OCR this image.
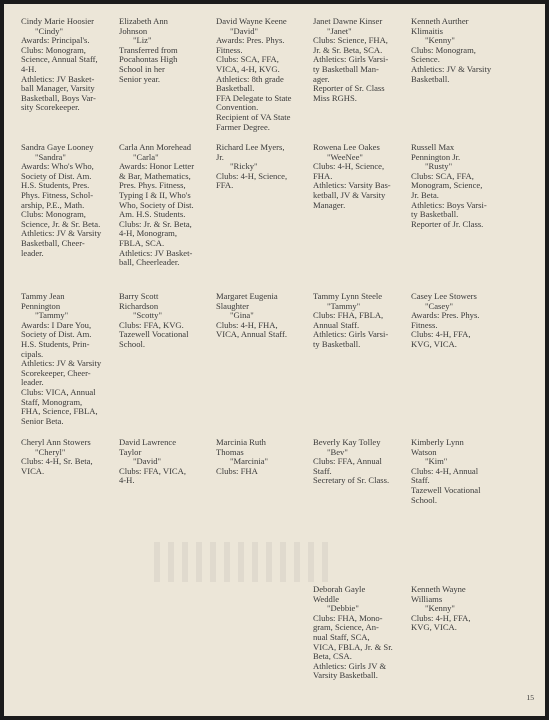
Cindy Marie Hoosier
"Cindy"
Awards: Principal's.
Clubs: Monogram,
Science, Annual Staff,
4-H.
Athletics: JV Basket-
ball Manager, Varsity
Basketball, Boys Var-
sity Scorekeeper.
Elizabeth Ann
Johnson
"Liz"
Transferred from
Pocahontas High
School in her
Senior year.
David Wayne Keene
"David"
Awards: Pres. Phys.
Fitness.
Clubs: SCA, FFA,
VICA, 4-H, KVG.
Athletics: 8th grade
Basketball.
FFA Delegate to State
Convention.
Recipient of VA State
Farmer Degree.
Janet Dawne Kinser
"Janet"
Clubs: Science, FHA,
Jr. & Sr. Beta, SCA.
Athletics: Girls Varsi-
ty Basketball Man-
ager.
Reporter of Sr. Class
Miss RGHS.
Kenneth Aurther
Klimaitis
"Kenny"
Clubs: Monogram,
Science.
Athletics: JV & Varsity
Basketball.
Sandra Gaye Looney
"Sandra"
Awards: Who's Who,
Society of Dist. Am.
H.S. Students, Pres.
Phys. Fitness, Schol-
arship, P.E., Math.
Clubs: Monogram,
Science, Jr. & Sr. Beta.
Athletics: JV & Varsity
Basketball, Cheer-
leader.
Carla Ann Morehead
"Carla"
Awards: Honor Letter
& Bar, Mathematics,
Pres. Phys. Fitness,
Typing I & II, Who's
Who, Society of Dist.
Am. H.S. Students.
Clubs: Jr. & Sr. Beta,
4-H, Monogram,
FBLA, SCA.
Athletics: JV Basket-
ball, Cheerleader.
Richard Lee Myers,
Jr.
"Ricky"
Clubs: 4-H, Science,
FFA.
Rowena Lee Oakes
"WeeNee"
Clubs: 4-H, Science,
FHA.
Athletics: Varsity Bas-
ketball, JV & Varsity
Manager.
Russell Max
Pennington Jr.
"Rusty"
Clubs: SCA, FFA,
Monogram, Science,
Jr. Beta.
Athletics: Boys Varsi-
ty Basketball.
Reporter of Jr. Class.
Tammy Jean
Pennington
"Tammy"
Awards: I Dare You,
Society of Dist. Am.
H.S. Students, Prin-
cipals.
Athletics: JV & Varsity
Scorekeeper, Cheer-
leader.
Clubs: VICA, Annual
Staff, Monogram,
FHA, Science, FBLA,
Senior Beta.
Barry Scott
Richardson
"Scotty"
Clubs: FFA, KVG.
Tazewell Vocational
School.
Margaret Eugenia
Slaughter
"Gina"
Clubs: 4-H, FHA,
VICA, Annual Staff.
Tammy Lynn Steele
"Tammy"
Clubs: FHA, FBLA,
Annual Staff.
Athletics: Girls Varsi-
ty Basketball.
Casey Lee Stowers
"Casey"
Awards: Pres. Phys.
Fitness.
Clubs: 4-H, FFA,
KVG, VICA.
Cheryl Ann Stowers
"Cheryl"
Clubs: 4-H, Sr. Beta,
VICA.
David Lawrence
Taylor
"David"
Clubs: FFA, VICA,
4-H.
Marcinia Ruth
Thomas
"Marcinia"
Clubs: FHA
Beverly Kay Tolley
"Bev"
Clubs: FFA, Annual
Staff.
Secretary of Sr. Class.
Kimberly Lynn
Watson
"Kim"
Clubs: 4-H, Annual
Staff.
Tazewell Vocational
School.
Deborah Gayle
Weddle
"Debbie"
Clubs: FHA, Mono-
gram, Science, An-
nual Staff, SCA,
VICA, FBLA, Jr. & Sr.
Beta, CSA.
Athletics: Girls JV &
Varsity Basketball.
Kenneth Wayne
Williams
"Kenny"
Clubs: 4-H, FFA,
KVG, VICA.
15
